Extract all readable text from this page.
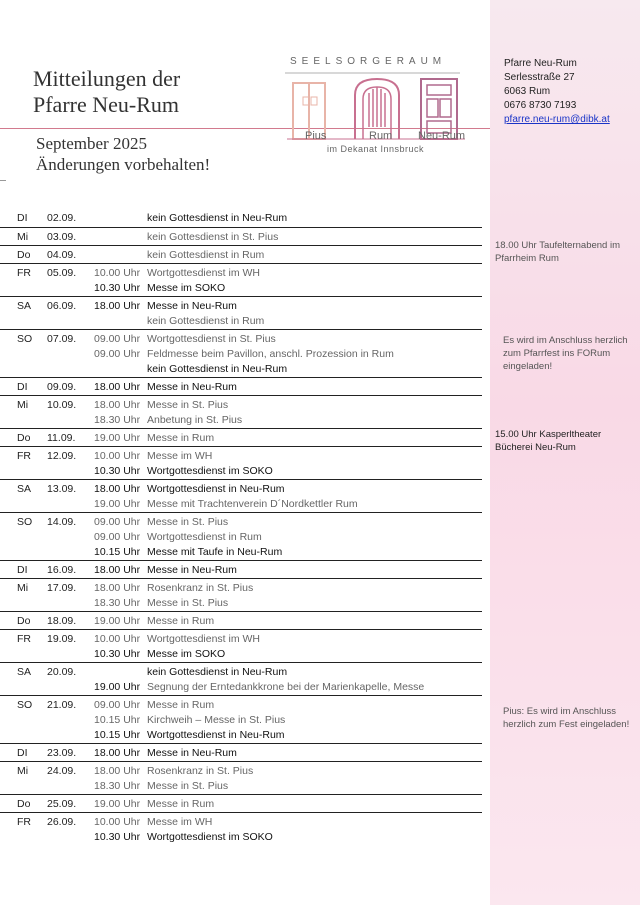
Mitteilungen der
Pfarre Neu-Rum
September 2025
Änderungen vorbehalten!
SEELSORGERAUM
Pius	Rum Neu-Rum
im Dekanat Innsbruck
Pfarre Neu-Rum
Serlesstraße 27
6063 Rum
0676 8730 7193
pfarre.neu-rum@dibk.at
18.00 Uhr Taufelternabend im
Pfarrheim Rum
Es wird im Anschluss herzlich
zum Pfarrfest ins FORum
eingeladen!
15.00 Uhr Kasperltheater
Bücherei Neu-Rum
Pius: Es wird im Anschluss
herzlich zum Fest eingeladen!
DI 02.09.	kein Gottesdienst in Neu-Rum
Mi 03.09.	kein Gottesdienst in St. Pius
Do 04.09.	kein Gottesdienst in Rum
FR 05.09. 10.00 Uhr Wortgottesdienst im WH
10.30 Uhr Messe im SOKO
SA 06.09. 18.00 Uhr Messe in Neu-Rum
kein Gottesdienst in Rum
SO 07.09. 09.00 Uhr Wortgottesdienst in St. Pius
09.00 Uhr Feldmesse beim Pavillon, anschl. Prozession in Rum
kein Gottesdienst in Neu-Rum
DI 09.09. 18.00 Uhr Messe in Neu-Rum
Mi 10.09. 18.00 Uhr Messe in St. Pius
18.30 Uhr Anbetung in St. Pius
Do 11.09. 19.00 Uhr Messe in Rum
FR 12.09. 10.00 Uhr Messe im WH
10.30 Uhr Wortgottesdienst im SOKO
SA 13.09. 18.00 Uhr Wortgottesdienst in Neu-Rum
19.00 Uhr Messe mit Trachtenverein D´Nordkettler Rum
SO 14.09. 09.00 Uhr Messe in St. Pius
09.00 Uhr Wortgottesdienst in Rum
10.15 Uhr Messe mit Taufe in Neu-Rum
DI 16.09. 18.00 Uhr Messe in Neu-Rum
Mi 17.09. 18.00 Uhr Rosenkranz in St. Pius
18.30 Uhr Messe in St. Pius
Do 18.09. 19.00 Uhr Messe in Rum
FR 19.09. 10.00 Uhr Wortgottesdienst im WH
10.30 Uhr Messe im SOKO
SA 20.09.	kein Gottesdienst in Neu-Rum
19.00 Uhr Segnung der Erntedankkrone bei der Marienkapelle, Messe
SO 21.09. 09.00 Uhr Messe in Rum
10.15 Uhr Kirchweih – Messe in St. Pius
10.15 Uhr Wortgottesdienst in Neu-Rum
DI 23.09. 18.00 Uhr Messe in Neu-Rum
Mi 24.09. 18.00 Uhr Rosenkranz in St. Pius
18.30 Uhr Messe in St. Pius
Do 25.09. 19.00 Uhr Messe in Rum
FR 26.09. 10.00 Uhr Messe im WH
10.30 Uhr Wortgottesdienst im SOKO
